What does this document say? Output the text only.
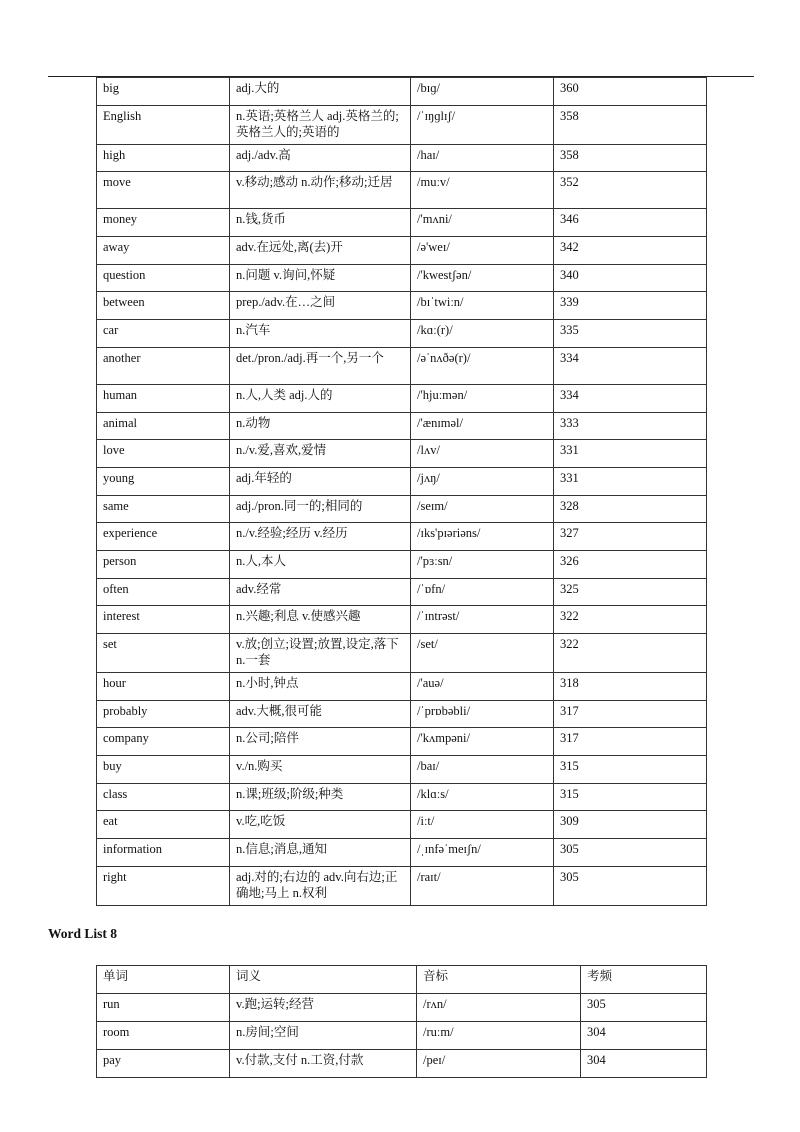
big	adj.大的	/bɪɡ/	360
English	n.英语;英格兰人 adj.英格兰的;英格兰人的;英语的	/ˈɪŋɡlɪʃ/	358
high	adj./adv.高	/haɪ/	358
move	v.移动;感动 n.动作;移动;迁居	/muːv/	352
money	n.钱,货币	/'mʌni/	346
away	adv.在远处,离(去)开	/ə'weɪ/	342
question	n.问题 v.询问,怀疑	/'kwestʃən/	340
between	prep./adv.在…之间	/bɪˈtwiːn/	339
car	n.汽车	/kɑː(r)/	335
another	det./pron./adj.再一个,另一个	/əˈnʌðə(r)/	334
human	n.人,人类 adj.人的	/'hjuːmən/	334
animal	n.动物	/'ænɪməl/	333
love	n./v.爱,喜欢,爱情	/lʌv/	331
young	adj.年轻的	/jʌŋ/	331
same	adj./pron.同一的;相同的	/seɪm/	328
experience	n./v.经验;经历 v.经历	/ɪks'pɪəriəns/	327
person	n.人,本人	/'pɜːsn/	326
often	adv.经常	/ˈɒfn/	325
interest	n.兴趣;利息 v.使感兴趣	/ˈɪntrəst/	322
set	v.放;创立;设置;放置,设定,落下 n.一套	/set/	322
hour	n.小时,钟点	/'auə/	318
probably	adv.大概,很可能	/ˈprɒbəbli/	317
company	n.公司;陪伴	/'kʌmpəni/	317
buy	v./n.购买	/baɪ/	315
class	n.课;班级;阶级;种类	/klɑːs/	315
eat	v.吃,吃饭	/iːt/	309
information	n.信息;消息,通知	/ˌɪnfəˈmeɪʃn/	305
right	adj.对的;右边的 adv.向右边;正确地;马上 n.权利	/raɪt/	305
Word List 8
单词	词义	音标	考频
run	v.跑;运转;经营	/rʌn/	305
room	n.房间;空间	/ruːm/	304
pay	v.付款,支付 n.工资,付款	/peɪ/	304
